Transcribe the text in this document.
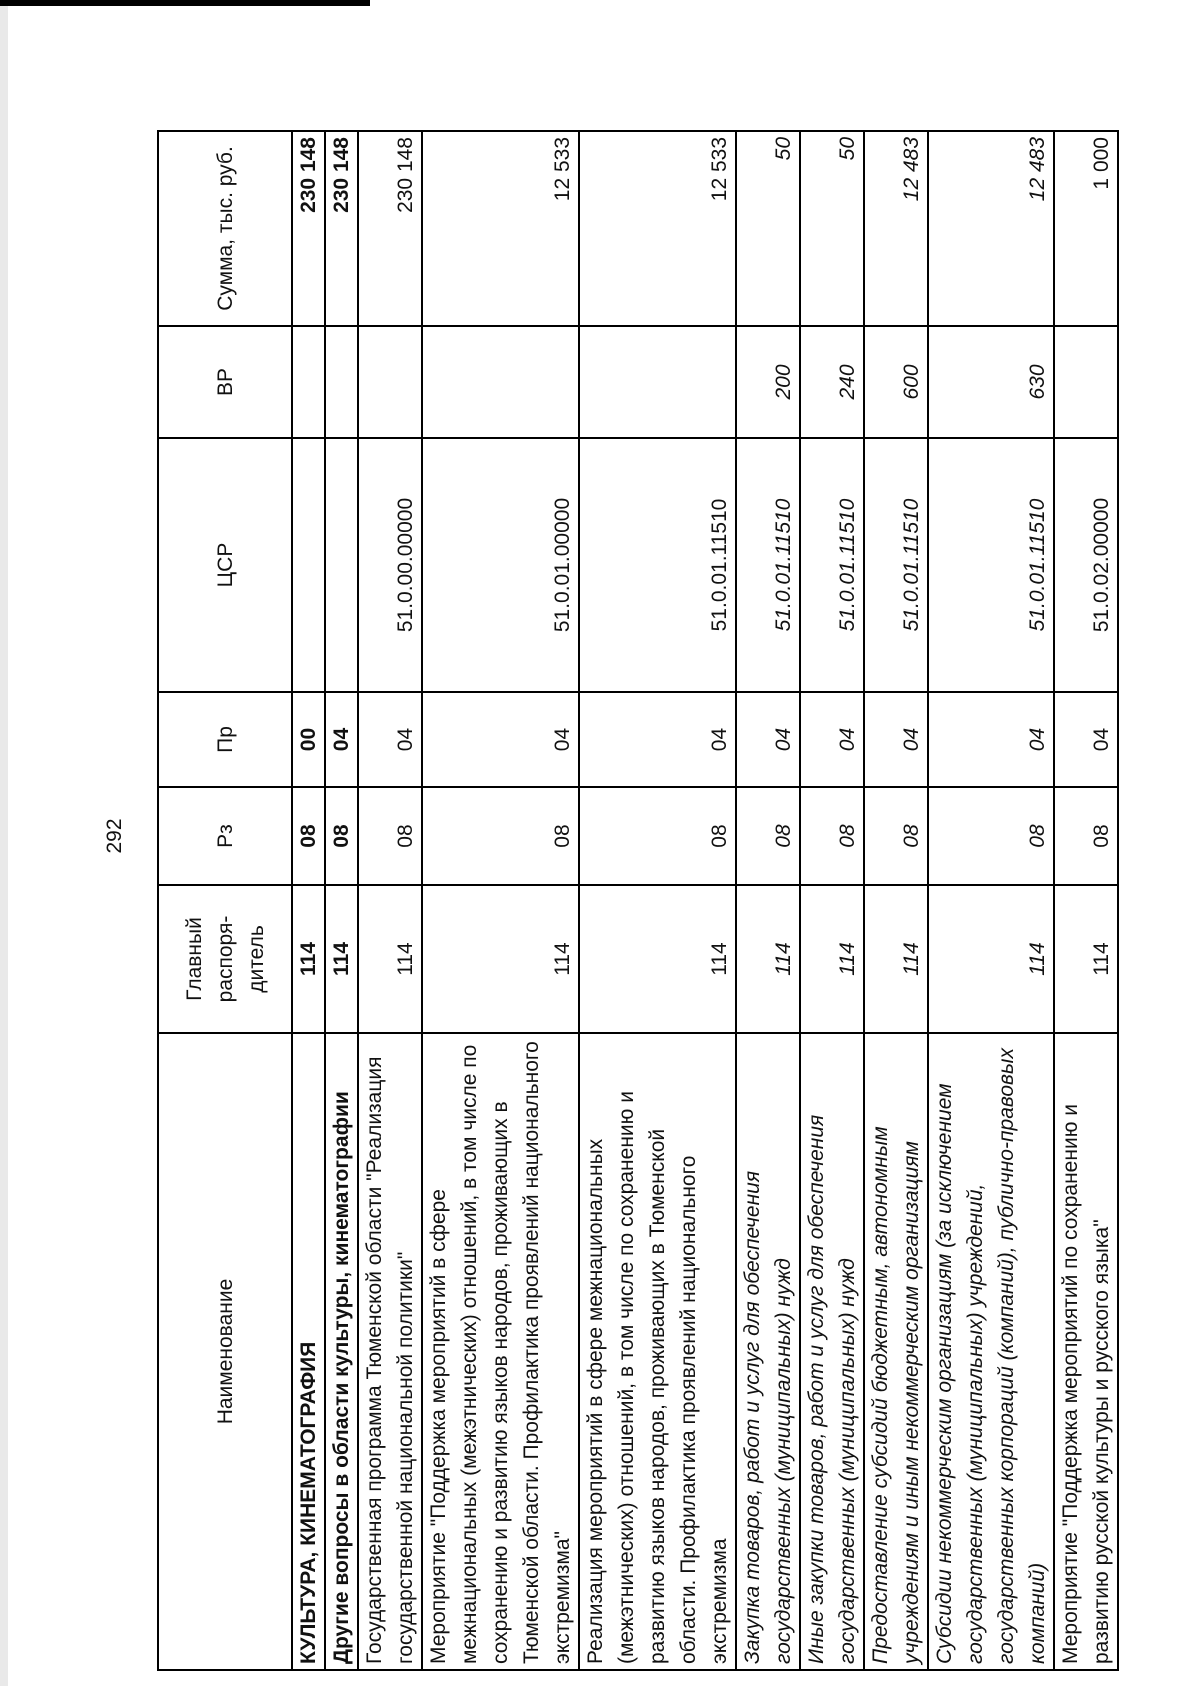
292
Наименование	Главный распоря-дитель	Рз	Пр	ЦСР	ВР	Сумма, тыс. руб.
КУЛЬТУРА, КИНЕМАТОГРАФИЯ	114	08	00			230 148
Другие вопросы в области культуры, кинематографии	114	08	04			230 148
Государственная программа Тюменской области "Реализация государственной национальной политики"	114	08	04	51.0.00.00000		230 148
Мероприятие "Поддержка мероприятий в сфере межнациональных (межэтнических) отношений, в том числе по сохранению и развитию языков народов, проживающих в Тюменской области. Профилактика проявлений национального экстремизма"	114	08	04	51.0.01.00000		12 533
Реализация мероприятий в сфере межнациональных (межэтнических) отношений, в том числе по сохранению и развитию языков народов, проживающих в Тюменской области. Профилактика проявлений национального экстремизма	114	08	04	51.0.01.11510		12 533
Закупка товаров, работ и услуг для обеспечения государственных (муниципальных) нужд	114	08	04	51.0.01.11510	200	50
Иные закупки товаров, работ и услуг для обеспечения государственных (муниципальных) нужд	114	08	04	51.0.01.11510	240	50
Предоставление субсидий бюджетным, автономным учреждениям и иным некоммерческим организациям	114	08	04	51.0.01.11510	600	12 483
Субсидии некоммерческим организациям (за исключением государственных (муниципальных) учреждений, государственных корпораций (компаний), публично-правовых компаний)	114	08	04	51.0.01.11510	630	12 483
Мероприятие "Поддержка мероприятий по сохранению и развитию русской культуры и русского языка"	114	08	04	51.0.02.00000		1 000
